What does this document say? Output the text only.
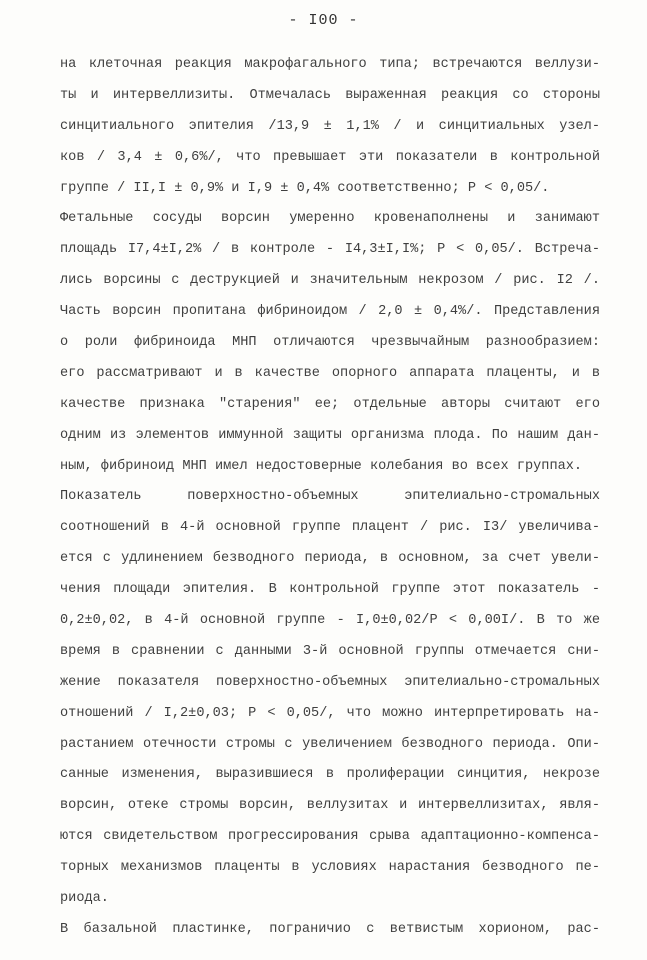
- I00 -
на клеточная реакция макрофагального типа; встречаются веллузи-
ты и интервеллизиты. Отмечалась выраженная реакция со стороны
синцитиального эпителия /13,9 ± 1,1% / и синцитиальных узел-
ков / 3,4 ± 0,6%/, что превышает эти показатели в контрольной
группе / II,I ± 0,9% и I,9 ± 0,4% соответственно; P < 0,05/.
Фетальные сосуды ворсин умеренно кровенаполнены и занимают
площадь I7,4±I,2% / в контроле - I4,3±I,I%; P < 0,05/. Встреча-
лись ворсины с деструкцией и значительным некрозом / рис. I2 /.
Часть ворсин пропитана фибриноидом / 2,0 ± 0,4%/. Представления
о роли фибриноида МНП отличаются чрезвычайным разнообразием:
его рассматривают и в качестве опорного аппарата плаценты, и в
качестве признака "старения" ее; отдельные авторы считают его
одним из элементов иммунной защиты организма плода. По нашим дан-
ным, фибриноид МНП имел недостоверные колебания во всех группах.
Показатель поверхностно-объемных эпителиально-стромальных
соотношений в 4-й основной группе плацент / рис. I3/ увеличива-
ется с удлинением безводного периода, в основном, за счет увели-
чения площади эпителия. В контрольной группе этот показатель -
0,2±0,02, в 4-й основной группе - I,0±0,02/P < 0,00I/. В то же
время в сравнении с данными 3-й основной группы отмечается сни-
жение показателя поверхностно-объемных эпителиально-стромальных
отношений / I,2±0,03; P < 0,05/, что можно интерпретировать на-
растанием отечности стромы с увеличением безводного периода. Опи-
санные изменения, выразившиеся в пролиферации синцития, некрозе
ворсин, отеке стромы ворсин, веллузитах и интервеллизитах, явля-
ются свидетельством прогрессирования срыва адаптационно-компенса-
торных механизмов плаценты в условиях нарастания безводного пе-
риода.
В базальной пластинке, пограничио с ветвистым хорионом, рас-
